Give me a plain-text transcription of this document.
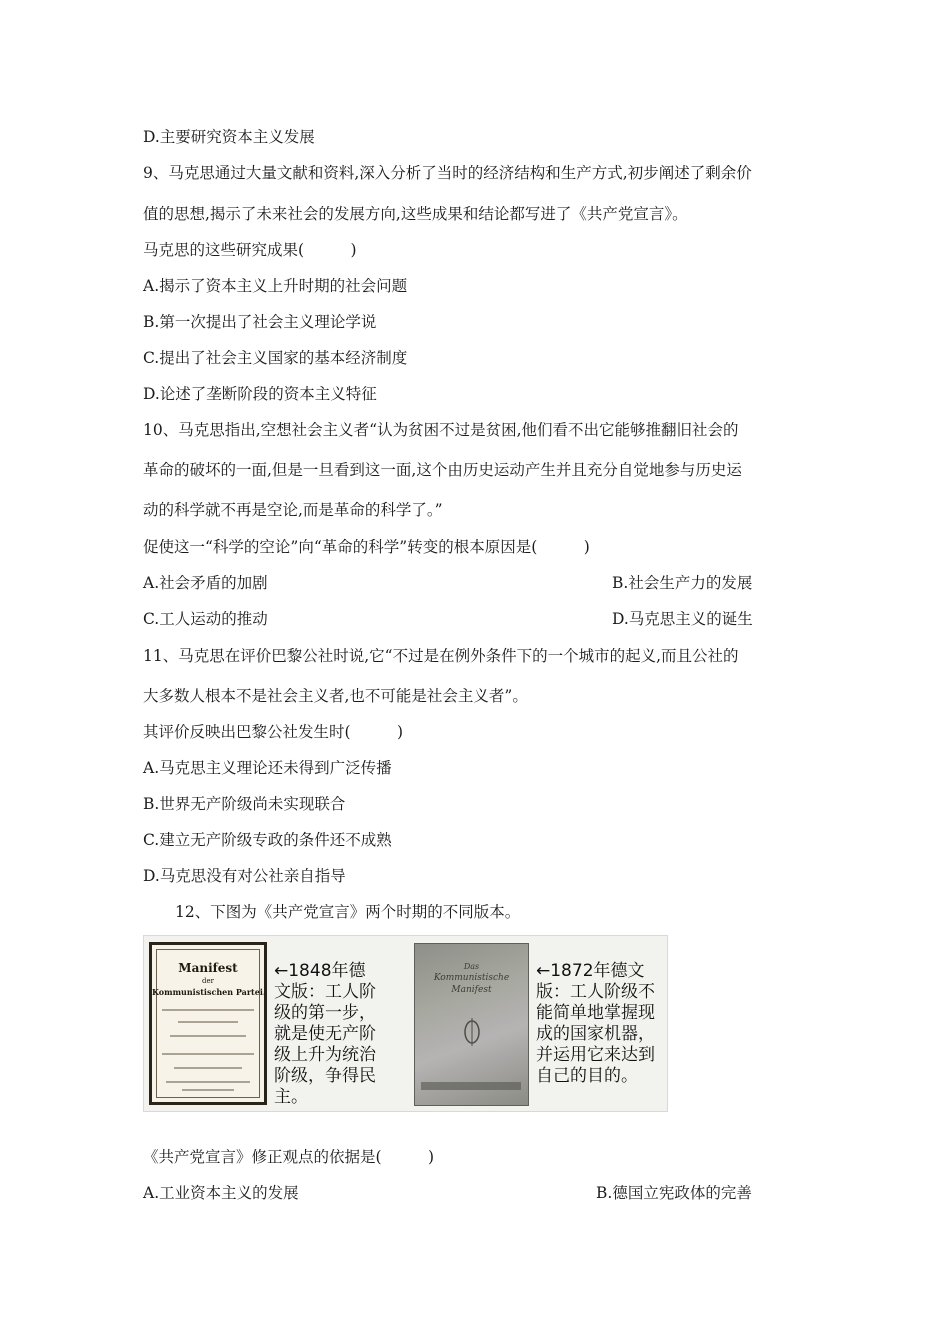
D.主要研究资本主义发展
9、马克思通过大量文献和资料,深入分析了当时的经济结构和生产方式,初步阐述了剩余价
值的思想,揭示了未来社会的发展方向,这些成果和结论都写进了《共产党宣言》。
马克思的这些研究成果(　　　)
A.揭示了资本主义上升时期的社会问题
B.第一次提出了社会主义理论学说
C.提出了社会主义国家的基本经济制度
D.论述了垄断阶段的资本主义特征
10、马克思指出,空想社会主义者“认为贫困不过是贫困,他们看不出它能够推翻旧社会的
革命的破坏的一面,但是一旦看到这一面,这个由历史运动产生并且充分自觉地参与历史运
动的科学就不再是空论,而是革命的科学了。”
促使这一“科学的空论”向“革命的科学”转变的根本原因是(　　　)
A.社会矛盾的加剧	B.社会生产力的发展
C.工人运动的推动	D.马克思主义的诞生
11、马克思在评价巴黎公社时说,它“不过是在例外条件下的一个城市的起义,而且公社的
大多数人根本不是社会主义者,也不可能是社会主义者”。
其评价反映出巴黎公社发生时(　　　)
A.马克思主义理论还未得到广泛传播
B.世界无产阶级尚未实现联合
C.建立无产阶级专政的条件还不成熟
D.马克思没有对公社亲自指导
12、下图为《共产党宣言》两个时期的不同版本。
Manifest
der
Kommunistischen Partei.
←1848年德
文版：工人阶
级的第一步，
就是使无产阶
级上升为统治
阶级，争得民
主。
Das
Kommunistische
Manifest
←1872年德文
版：工人阶级不
能简单地掌握现
成的国家机器，
并运用它来达到
自己的目的。
《共产党宣言》修正观点的依据是(　　　)
A.工业资本主义的发展	B.德国立宪政体的完善
